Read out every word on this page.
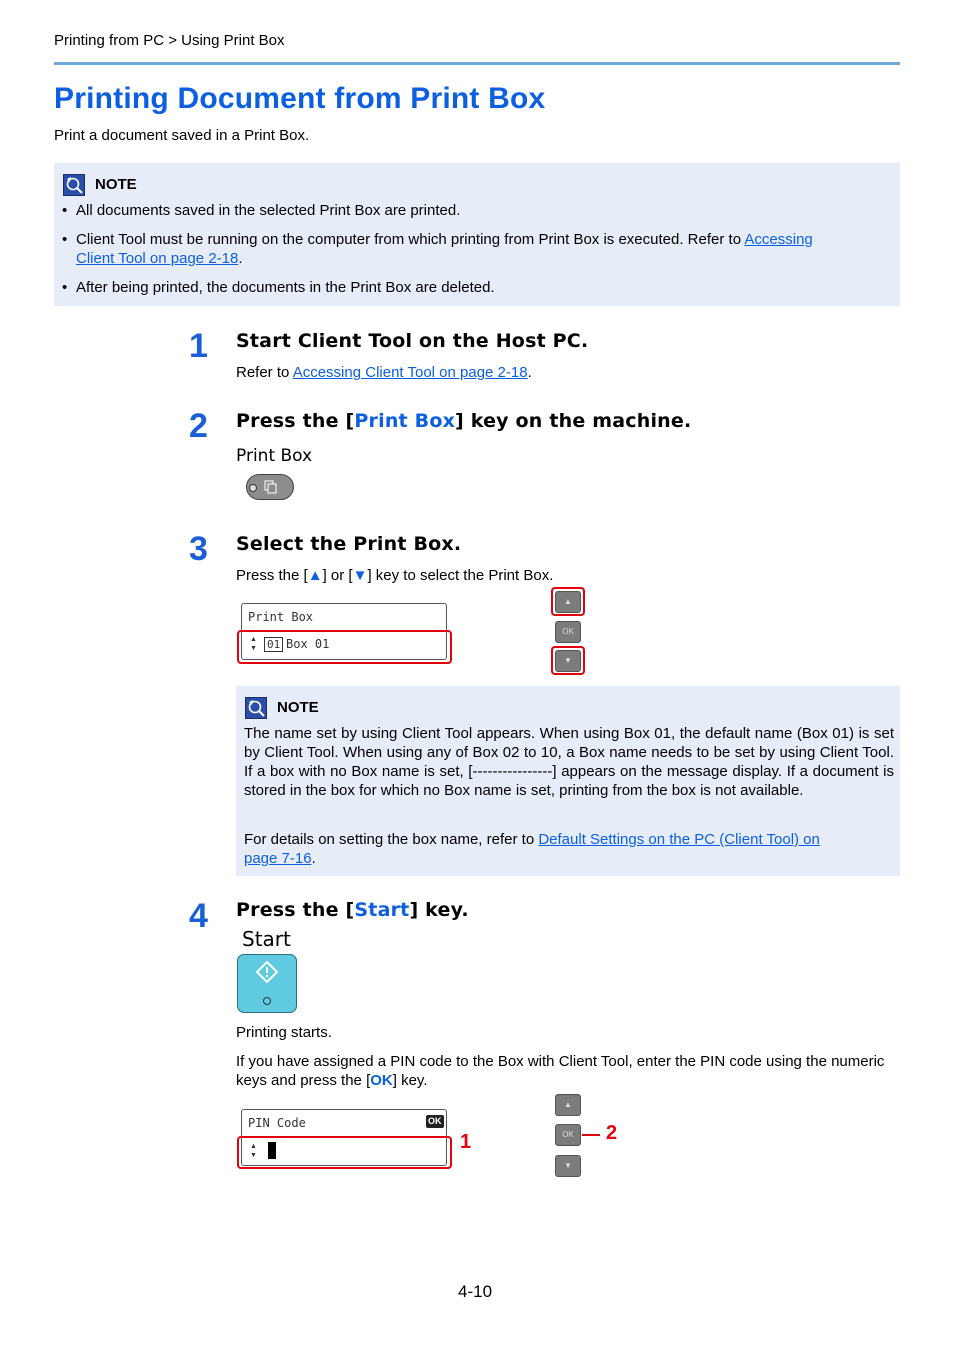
Printing from PC > Using Print Box
Printing Document from Print Box
Print a document saved in a Print Box.
NOTE
• All documents saved in the selected Print Box are printed.
• Client Tool must be running on the computer from which printing from Print Box is executed. Refer to Accessing
Client Tool on page 2-18.
• After being printed, the documents in the Print Box are deleted.
1 Start Client Tool on the Host PC.
Refer to Accessing Client Tool on page 2-18.
2 Press the [Print Box] key on the machine.
Print Box
3 Select the Print Box.
Press the [▲] or [▼] key to select the Print Box.
Print Box
▲
▼ 01 Box 01
▲
OK
▼
NOTE
The name set by using Client Tool appears. When using Box 01, the default name (Box 01) is set by Client Tool. When using any of Box 02 to 10, a Box name needs to be set by using Client Tool. If a box with no Box name is set, [----------------] appears on the message display. If a document is stored in the box for which no Box name is set, printing from the box is not available.
For details on setting the box name, refer to Default Settings on the PC (Client Tool) on
page 7-16.
4 Press the [Start] key.
Start
Printing starts.
If you have assigned a PIN code to the Box with Client Tool, enter the PIN code using the numeric keys and press the [OK] key.
PIN Code	OK
▲
▼
1
▲
OK	2
▼
4-10
